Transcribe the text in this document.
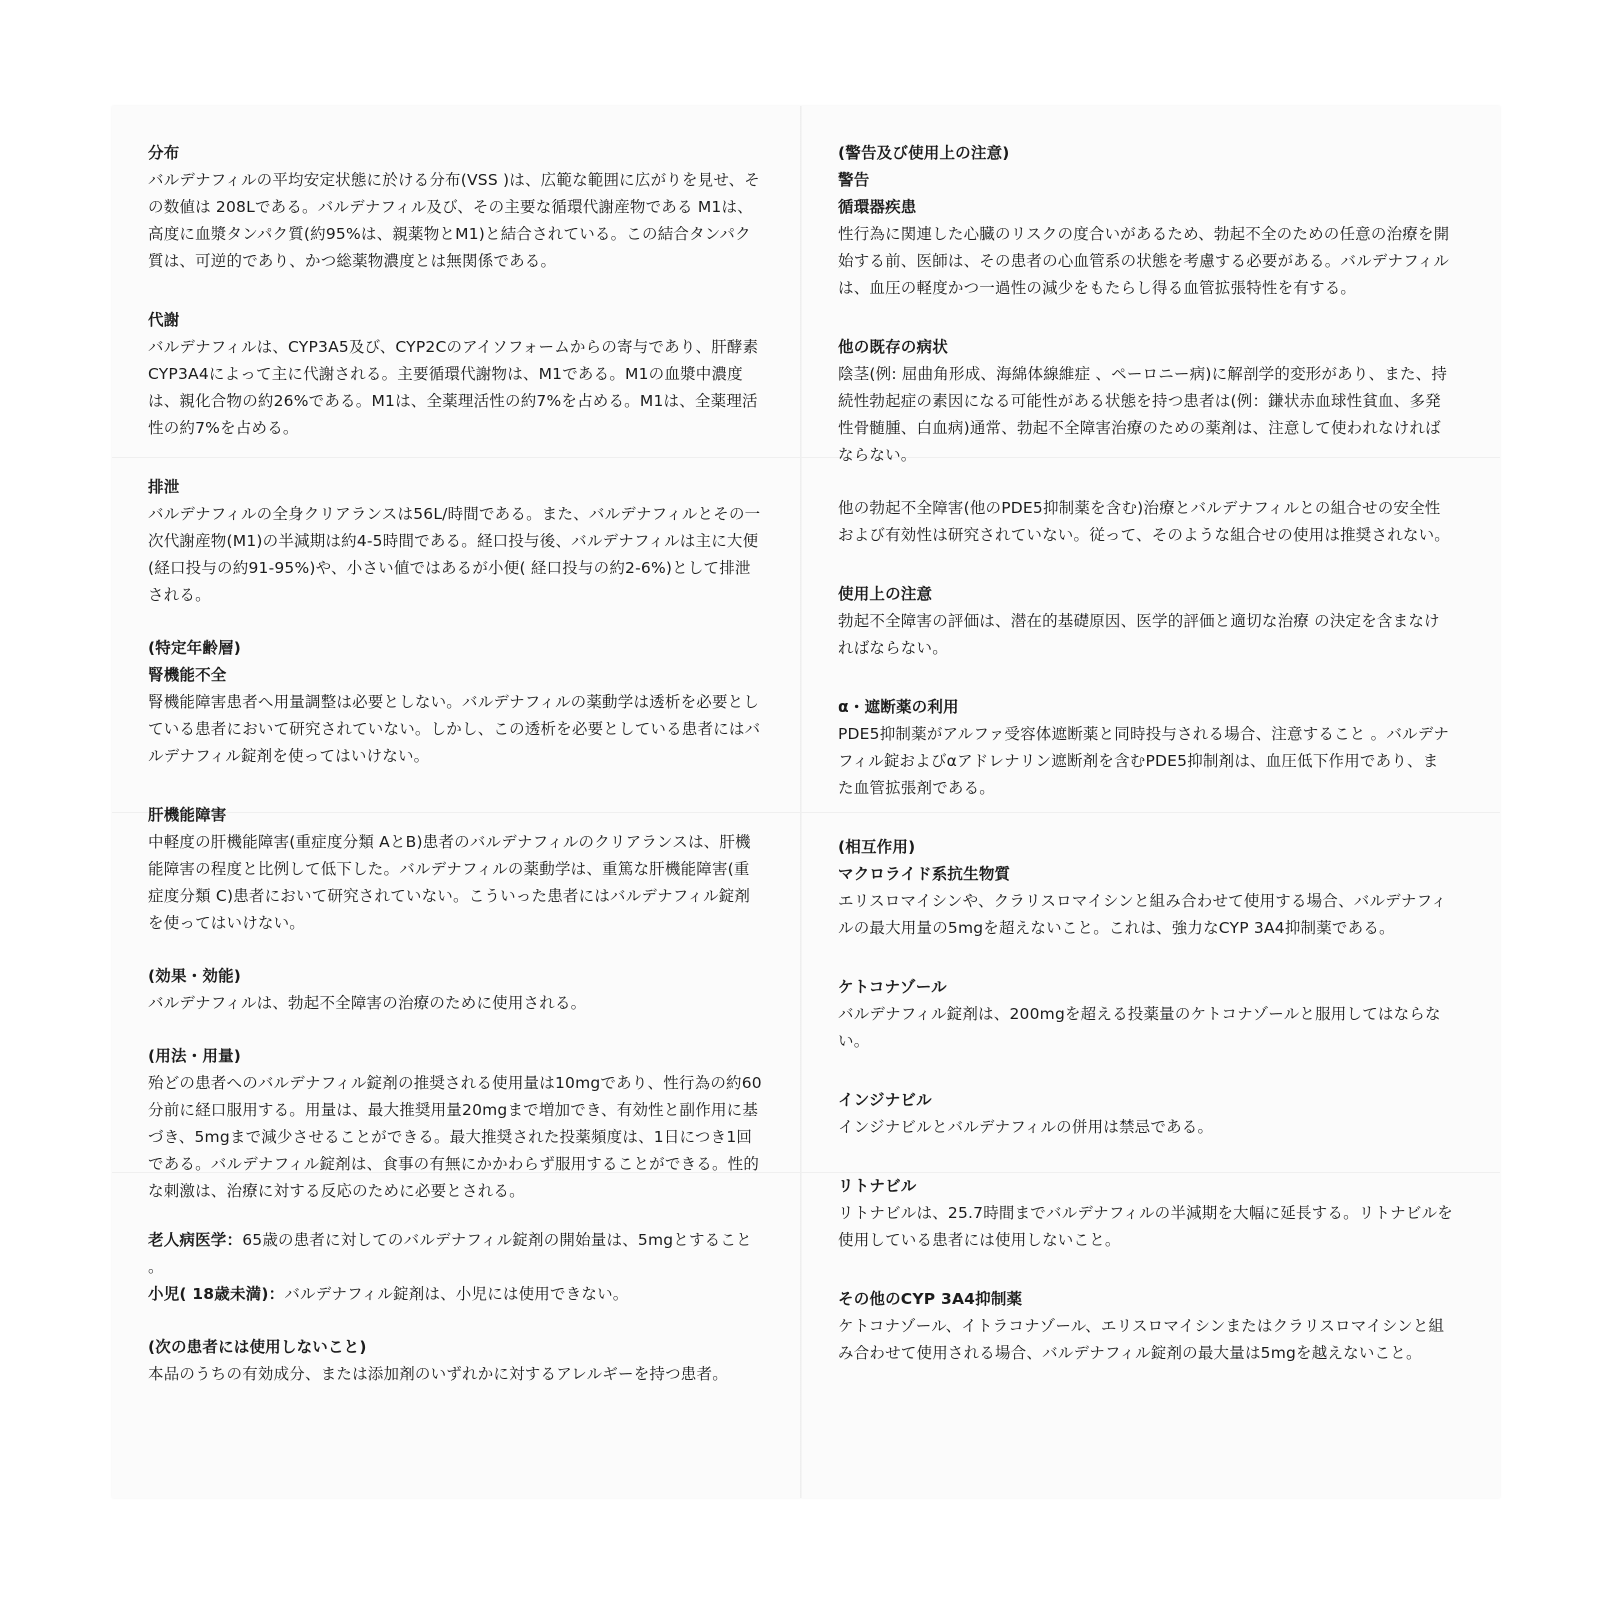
分布
バルデナフィルの平均安定状態に於ける分布(VSS )は、広範な範囲に広がりを見せ、その数値は 208Lである。バルデナフィル及び、その主要な循環代謝産物である M1は、高度に血漿タンパク質(約95%は、親薬物とM1)と結合されている。この結合タンパク質は、可逆的であり、かつ総薬物濃度とは無関係である。
代謝
バルデナフィルは、CYP3A5及び、CYP2Cのアイソフォームからの寄与であり、肝酵素CYP3A4によって主に代謝される。主要循環代謝物は、M1である。M1の血漿中濃度は、親化合物の約26%である。M1は、全薬理活性の約7%を占める。M1は、全薬理活性の約7%を占める。
排泄
バルデナフィルの全身クリアランスは56L/時間である。また、バルデナフィルとその一次代謝産物(M1)の半減期は約4-5時間である。経口投与後、バルデナフィルは主に大便(経口投与の約91-95%)や、小さい値ではあるが小便( 経口投与の約2-6%)として排泄される。
(特定年齢層)
腎機能不全
腎機能障害患者へ用量調整は必要としない。バルデナフィルの薬動学は透析を必要としている患者において研究されていない。しかし、この透析を必要としている患者にはバルデナフィル錠剤を使ってはいけない。
肝機能障害
中軽度の肝機能障害(重症度分類 AとB)患者のバルデナフィルのクリアランスは、肝機能障害の程度と比例して低下した。バルデナフィルの薬動学は、重篤な肝機能障害(重症度分類 C)患者において研究されていない。こういった患者にはバルデナフィル錠剤を使ってはいけない。
(効果・効能)
バルデナフィルは、勃起不全障害の治療のために使用される。
(用法・用量)
殆どの患者へのバルデナフィル錠剤の推奨される使用量は10mgであり、性行為の約60分前に経口服用する。用量は、最大推奨用量20mgまで増加でき、有効性と副作用に基づき、5mgまで減少させることができる。最大推奨された投薬頻度は、1日につき1回である。バルデナフィル錠剤は、食事の有無にかかわらず服用することができる。性的な刺激は、治療に対する反応のために必要とされる。
老人病医学：65歳の患者に対してのバルデナフィル錠剤の開始量は、5mgとすること 。
小児( 18歳未満)：バルデナフィル錠剤は、小児には使用できない。
(次の患者には使用しないこと)
本品のうちの有効成分、または添加剤のいずれかに対するアレルギーを持つ患者。
(警告及び使用上の注意)
警告
循環器疾患
性行為に関連した心臓のリスクの度合いがあるため、勃起不全のための任意の治療を開始する前、医師は、その患者の心血管系の状態を考慮する必要がある。バルデナフィルは、血圧の軽度かつ一過性の減少をもたらし得る血管拡張特性を有する。
他の既存の病状
陰茎(例: 屈曲角形成、海綿体線維症 、ペーロニー病)に解剖学的変形があり、また、持続性勃起症の素因になる可能性がある状態を持つ患者は(例：鎌状赤血球性貧血、多発性骨髄腫、白血病)通常、勃起不全障害治療のための薬剤は、注意して使われなければならない。
他の勃起不全障害(他のPDE5抑制薬を含む)治療とバルデナフィルとの組合せの安全性および有効性は研究されていない。従って、そのような組合せの使用は推奨されない。
使用上の注意
勃起不全障害の評価は、潜在的基礎原因、医学的評価と適切な治療 の決定を含まなければならない。
α・遮断薬の利用
PDE5抑制薬がアルファ受容体遮断薬と同時投与される場合、注意すること 。バルデナフィル錠およびαアドレナリン遮断剤を含むPDE5抑制剤は、血圧低下作用であり、また血管拡張剤である。
(相互作用)
マクロライド系抗生物質
エリスロマイシンや、クラリスロマイシンと組み合わせて使用する場合、バルデナフィルの最大用量の5mgを超えないこと。これは、強力なCYP 3A4抑制薬である。
ケトコナゾール
バルデナフィル錠剤は、200mgを超える投薬量のケトコナゾールと服用してはならない。
インジナビル
インジナビルとバルデナフィルの併用は禁忌である。
リトナビル
リトナビルは、25.7時間までバルデナフィルの半減期を大幅に延長する。リトナビルを使用している患者には使用しないこと。
その他のCYP 3A4抑制薬
ケトコナゾール、イトラコナゾール、エリスロマイシンまたはクラリスロマイシンと組み合わせて使用される場合、バルデナフィル錠剤の最大量は5mgを越えないこと。
